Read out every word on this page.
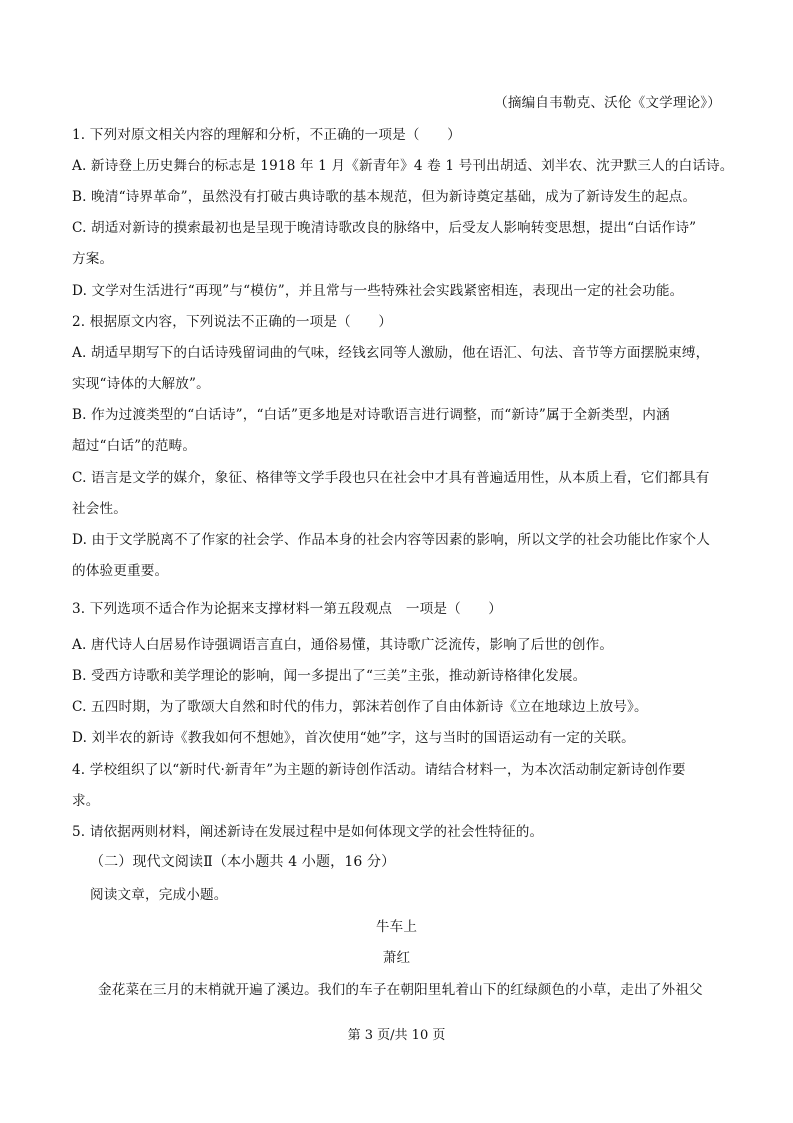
（摘编自韦勒克、沃伦《文学理论》）
1. 下列对原文相关内容的理解和分析，不正确的一项是（　　）
A. 新诗登上历史舞台的标志是 1918 年 1 月《新青年》4 卷 1 号刊出胡适、刘半农、沈尹默三人的白话诗。
B. 晚清“诗界革命”，虽然没有打破古典诗歌的基本规范，但为新诗奠定基础，成为了新诗发生的起点。
C. 胡适对新诗的摸索最初也是呈现于晚清诗歌改良的脉络中，后受友人影响转变思想，提出“白话作诗”
方案。
D. 文学对生活进行“再现”与“模仿”，并且常与一些特殊社会实践紧密相连，表现出一定的社会功能。
2. 根据原文内容，下列说法不正确的一项是（　　）
A. 胡适早期写下的白话诗残留词曲的气味，经钱玄同等人激励，他在语汇、句法、音节等方面摆脱束缚，
实现“诗体的大解放”。
B. 作为过渡类型的“白话诗”，“白话”更多地是对诗歌语言进行调整，而“新诗”属于全新类型，内涵
超过“白话”的范畴。
C. 语言是文学的媒介，象征、格律等文学手段也只在社会中才具有普遍适用性，从本质上看，它们都具有
社会性。
D. 由于文学脱离不了作家的社会学、作品本身的社会内容等因素的影响，所以文学的社会功能比作家个人
的体验更重要。
3. 下列选项不适合作为论据来支撑材料一第五段观点　一项是（　　）
A. 唐代诗人白居易作诗强调语言直白，通俗易懂，其诗歌广泛流传，影响了后世的创作。
B. 受西方诗歌和美学理论的影响，闻一多提出了“三美”主张，推动新诗格律化发展。
C. 五四时期，为了歌颂大自然和时代的伟力，郭沫若创作了自由体新诗《立在地球边上放号》。
D. 刘半农的新诗《教我如何不想她》，首次使用“她”字，这与当时的国语运动有一定的关联。
4. 学校组织了以“新时代·新青年”为主题的新诗创作活动。请结合材料一，为本次活动制定新诗创作要
求。
5. 请依据两则材料，阐述新诗在发展过程中是如何体现文学的社会性特征的。
（二）现代文阅读Ⅱ（本小题共 4 小题，16 分）
阅读文章，完成小题。
牛车上
萧红
金花菜在三月的末梢就开遍了溪边。我们的车子在朝阳里轧着山下的红绿颜色的小草，走出了外祖父
第 3 页/共 10 页
